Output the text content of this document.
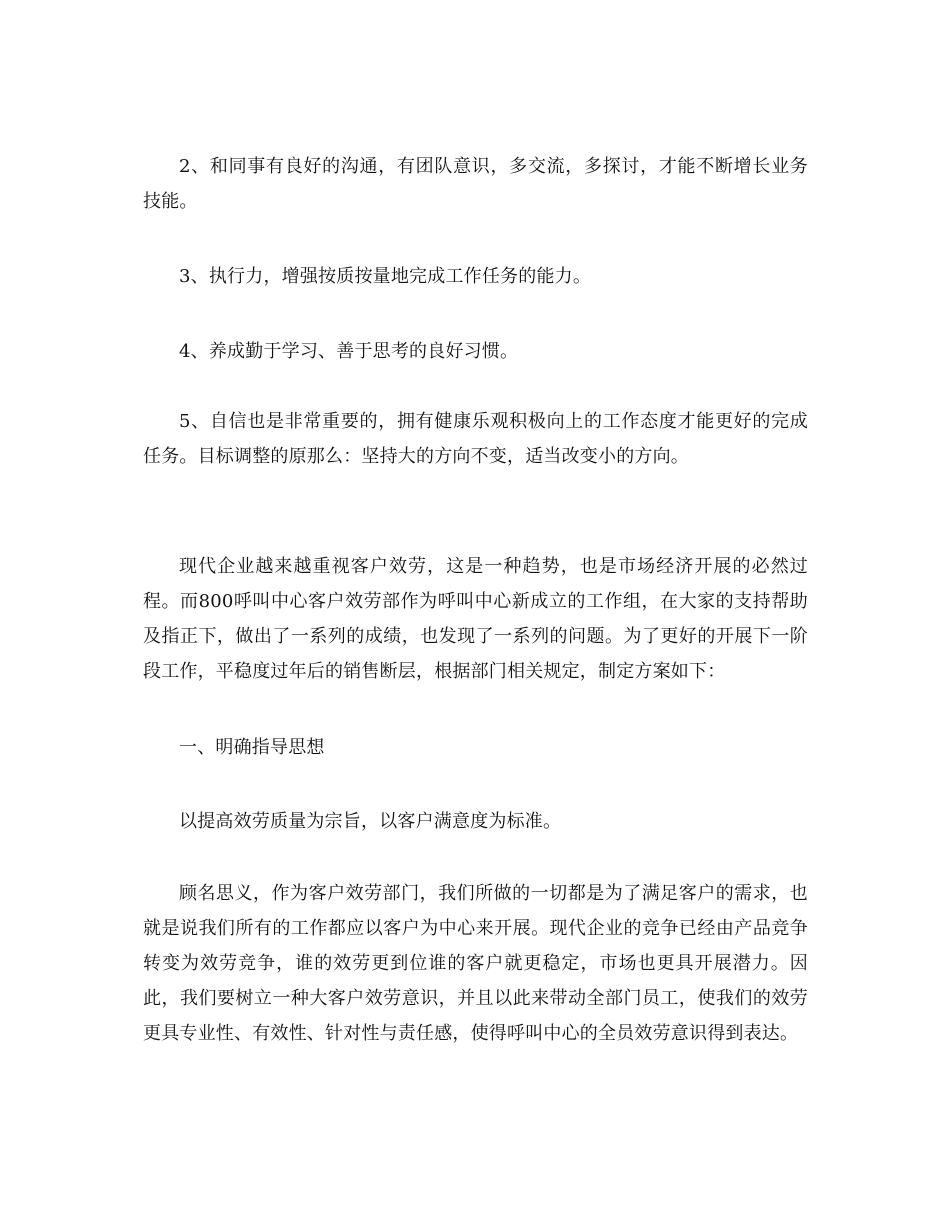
2、和同事有良好的沟通，有团队意识，多交流，多探讨，才能不断增长业务技能。

3、执行力，增强按质按量地完成工作任务的能力。

4、养成勤于学习、善于思考的良好习惯。

5、自信也是非常重要的，拥有健康乐观积极向上的工作态度才能更好的完成任务。目标调整的原那么：坚持大的方向不变，适当改变小的方向。

现代企业越来越重视客户效劳，这是一种趋势，也是市场经济开展的必然过程。而800呼叫中心客户效劳部作为呼叫中心新成立的工作组，在大家的支持帮助及指正下，做出了一系列的成绩，也发现了一系列的问题。为了更好的开展下一阶段工作，平稳度过年后的销售断层，根据部门相关规定，制定方案如下：

一、明确指导思想

以提高效劳质量为宗旨，以客户满意度为标准。

顾名思义，作为客户效劳部门，我们所做的一切都是为了满足客户的需求，也就是说我们所有的工作都应以客户为中心来开展。现代企业的竞争已经由产品竞争转变为效劳竞争，谁的效劳更到位谁的客户就更稳定，市场也更具开展潜力。因此，我们要树立一种大客户效劳意识，并且以此来带动全部门员工，使我们的效劳更具专业性、有效性、针对性与责任感，使得呼叫中心的全员效劳意识得到表达。
